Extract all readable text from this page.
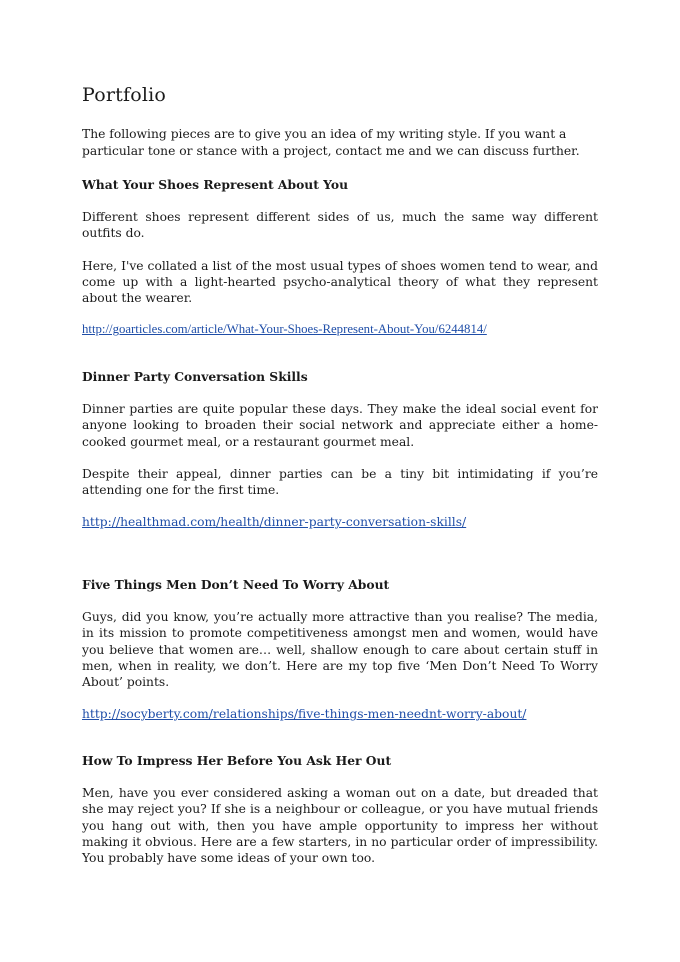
Portfolio

The following pieces are to give you an idea of my writing style. If you want a particular tone or stance with a project, contact me and we can discuss further.

What Your Shoes Represent About You

Different shoes represent different sides of us, much the same way different outfits do.

Here, I've collated a list of the most usual types of shoes women tend to wear, and come up with a light-hearted psycho-analytical theory of what they represent about the wearer.

http://goarticles.com/article/What-Your-Shoes-Represent-About-You/6244814/
Dinner Party Conversation Skills

Dinner parties are quite popular these days. They make the ideal social event for anyone looking to broaden their social network and appreciate either a home-cooked gourmet meal, or a restaurant gourmet meal.

Despite their appeal, dinner parties can be a tiny bit intimidating if you’re attending one for the first time.

http://healthmad.com/health/dinner-party-conversation-skills/
Five Things Men Don’t Need To Worry About

Guys, did you know, you’re actually more attractive than you realise? The media, in its mission to promote competitiveness amongst men and women, would have you believe that women are… well, shallow enough to care about certain stuff in men, when in reality, we don’t. Here are my top five ‘Men Don’t Need To Worry About’ points.

http://socyberty.com/relationships/five-things-men-neednt-worry-about/
How To Impress Her Before You Ask Her Out

Men, have you ever considered asking a woman out on a date, but dreaded that she may reject you? If she is a neighbour or colleague, or you have mutual friends you hang out with, then you have ample opportunity to impress her without making it obvious. Here are a few starters, in no particular order of impressibility. You probably have some ideas of your own too.
